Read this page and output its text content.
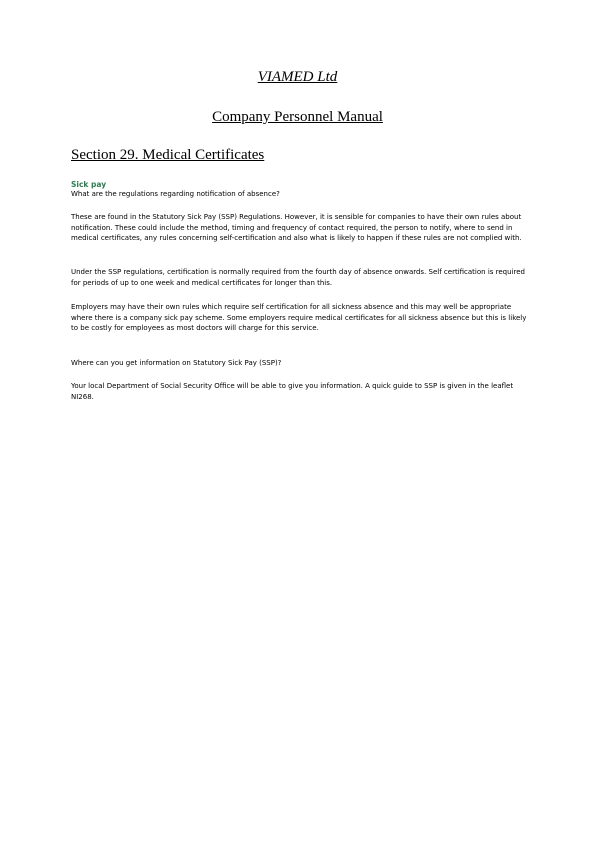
VIAMED Ltd
Company Personnel Manual
Section 29. Medical Certificates
Sick pay

What are the regulations regarding notification of absence?

These are found in the Statutory Sick Pay (SSP) Regulations. However, it is sensible for companies to have their own rules about notification. These could include the method, timing and frequency of contact required, the person to notify, where to send in medical certificates, any rules concerning self-certification and also what is likely to happen if these rules are not complied with.

Under the SSP regulations, certification is normally required from the fourth day of absence onwards. Self certification is required for periods of up to one week and medical certificates for longer than this.

Employers may have their own rules which require self certification for all sickness absence and this may well be appropriate where there is a company sick pay scheme. Some employers require medical certificates for all sickness absence but this is likely to be costly for employees as most doctors will charge for this service.

Where can you get information on Statutory Sick Pay (SSP)?

Your local Department of Social Security Office will be able to give you information. A quick guide to SSP is given in the leaflet NI268.
